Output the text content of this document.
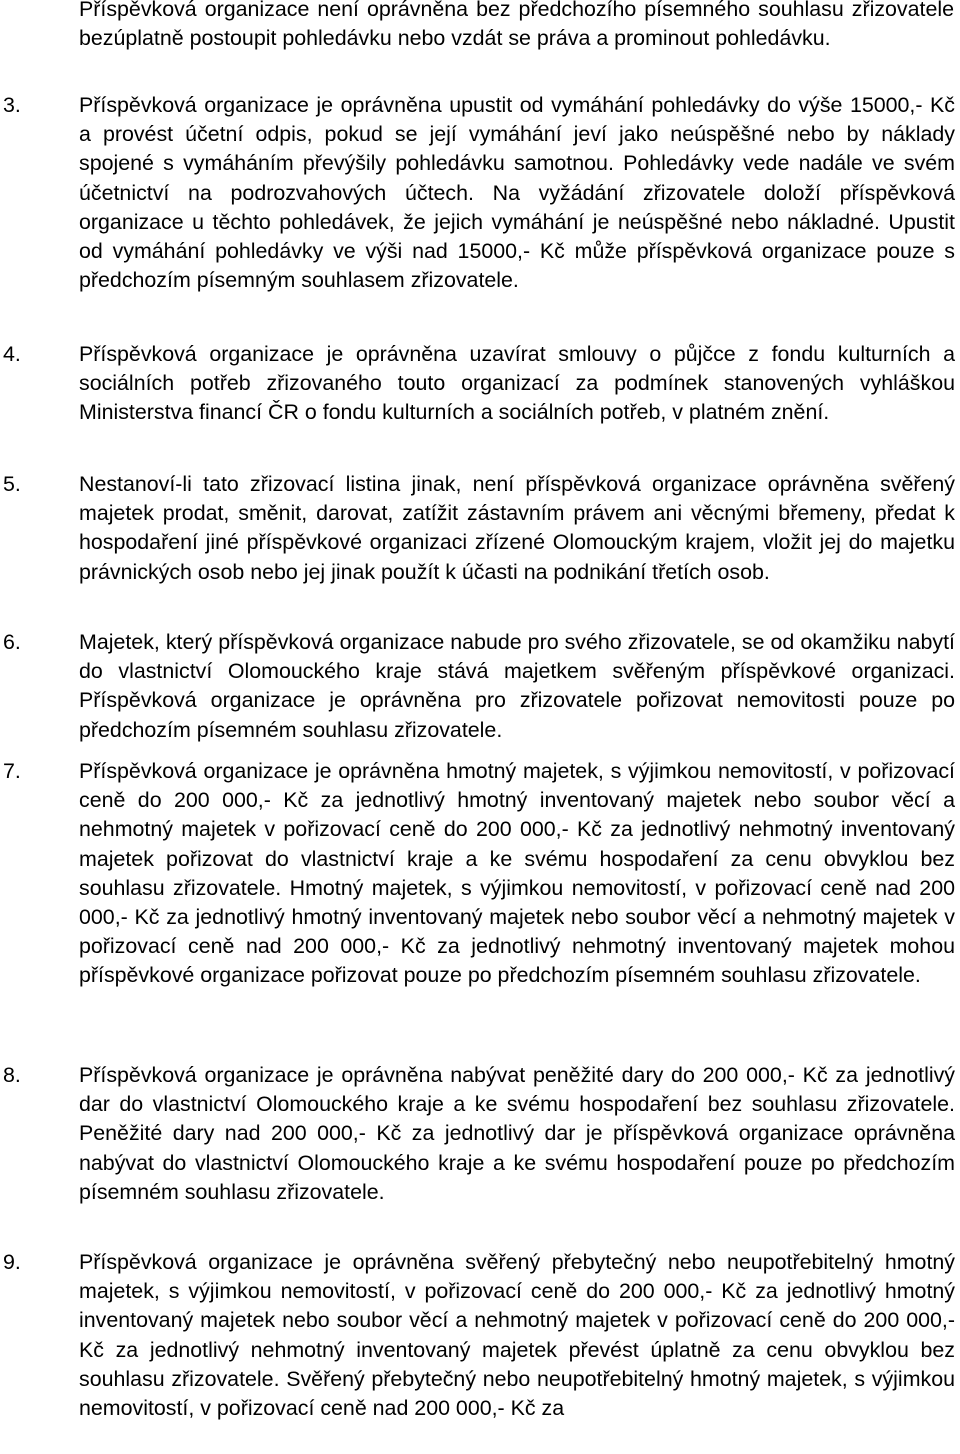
Příspěvková organizace není oprávněna bez předchozího písemného souhlasu zřizovatele bezúplatně postoupit pohledávku nebo vzdát se práva a prominout pohledávku.

3.	Příspěvková organizace je oprávněna upustit od vymáhání pohledávky do výše 15000,- Kč a provést účetní odpis, pokud se její vymáhání jeví jako neúspěšné nebo by náklady spojené s vymáháním převýšily pohledávku samotnou. Pohledávky vede nadále ve svém účetnictví na podrozvahových účtech. Na vyžádání zřizovatele doloží příspěvková organizace u těchto pohledávek, že jejich vymáhání je neúspěšné nebo nákladné. Upustit od vymáhání pohledávky ve výši nad 15000,- Kč může příspěvková organizace pouze s předchozím písemným souhlasem zřizovatele.

4.	Příspěvková organizace je oprávněna uzavírat smlouvy o půjčce z fondu kulturních a sociálních potřeb zřizovaného touto organizací za podmínek stanovených vyhláškou Ministerstva financí ČR o fondu kulturních a sociálních potřeb, v platném znění.

5.	Nestanoví-li tato zřizovací listina jinak, není příspěvková organizace oprávněna svěřený majetek prodat, směnit, darovat, zatížit zástavním právem ani věcnými břemeny, předat k hospodaření jiné příspěvkové organizaci zřízené Olomouckým krajem, vložit jej do majetku právnických osob nebo jej jinak použít k účasti na podnikání třetích osob.

6.	Majetek, který příspěvková organizace nabude pro svého zřizovatele, se od okamžiku nabytí do vlastnictví Olomouckého kraje stává majetkem svěřeným příspěvkové organizaci. Příspěvková organizace je oprávněna pro zřizovatele pořizovat nemovitosti pouze po předchozím písemném souhlasu zřizovatele.

7.	Příspěvková organizace je oprávněna hmotný majetek, s výjimkou nemovitostí, v pořizovací ceně do 200 000,- Kč za jednotlivý hmotný inventovaný majetek nebo soubor věcí a nehmotný majetek v pořizovací ceně do 200 000,- Kč za jednotlivý nehmotný inventovaný majetek pořizovat do vlastnictví kraje a ke svému hospodaření za cenu obvyklou bez souhlasu zřizovatele. Hmotný majetek, s výjimkou nemovitostí, v pořizovací ceně nad 200 000,- Kč za jednotlivý hmotný inventovaný majetek nebo soubor věcí a nehmotný majetek v pořizovací ceně nad 200 000,- Kč za jednotlivý nehmotný inventovaný majetek mohou příspěvkové organizace pořizovat pouze po předchozím písemném souhlasu zřizovatele.

8.	Příspěvková organizace je oprávněna nabývat peněžité dary do 200 000,- Kč za jednotlivý dar do vlastnictví Olomouckého kraje a ke svému hospodaření bez souhlasu zřizovatele. Peněžité dary nad 200 000,- Kč za jednotlivý dar je příspěvková organizace oprávněna nabývat do vlastnictví Olomouckého kraje a ke svému hospodaření pouze po předchozím písemném souhlasu zřizovatele.

9.	Příspěvková organizace je oprávněna svěřený přebytečný nebo neupotřebitelný hmotný majetek, s výjimkou nemovitostí, v pořizovací ceně do 200 000,- Kč za jednotlivý hmotný inventovaný majetek nebo soubor věcí a nehmotný majetek v pořizovací ceně do 200 000,- Kč za jednotlivý nehmotný inventovaný majetek převést úplatně za cenu obvyklou bez souhlasu zřizovatele. Svěřený přebytečný nebo neupotřebitelný hmotný majetek, s výjimkou nemovitostí, v pořizovací ceně nad 200 000,- Kč za
